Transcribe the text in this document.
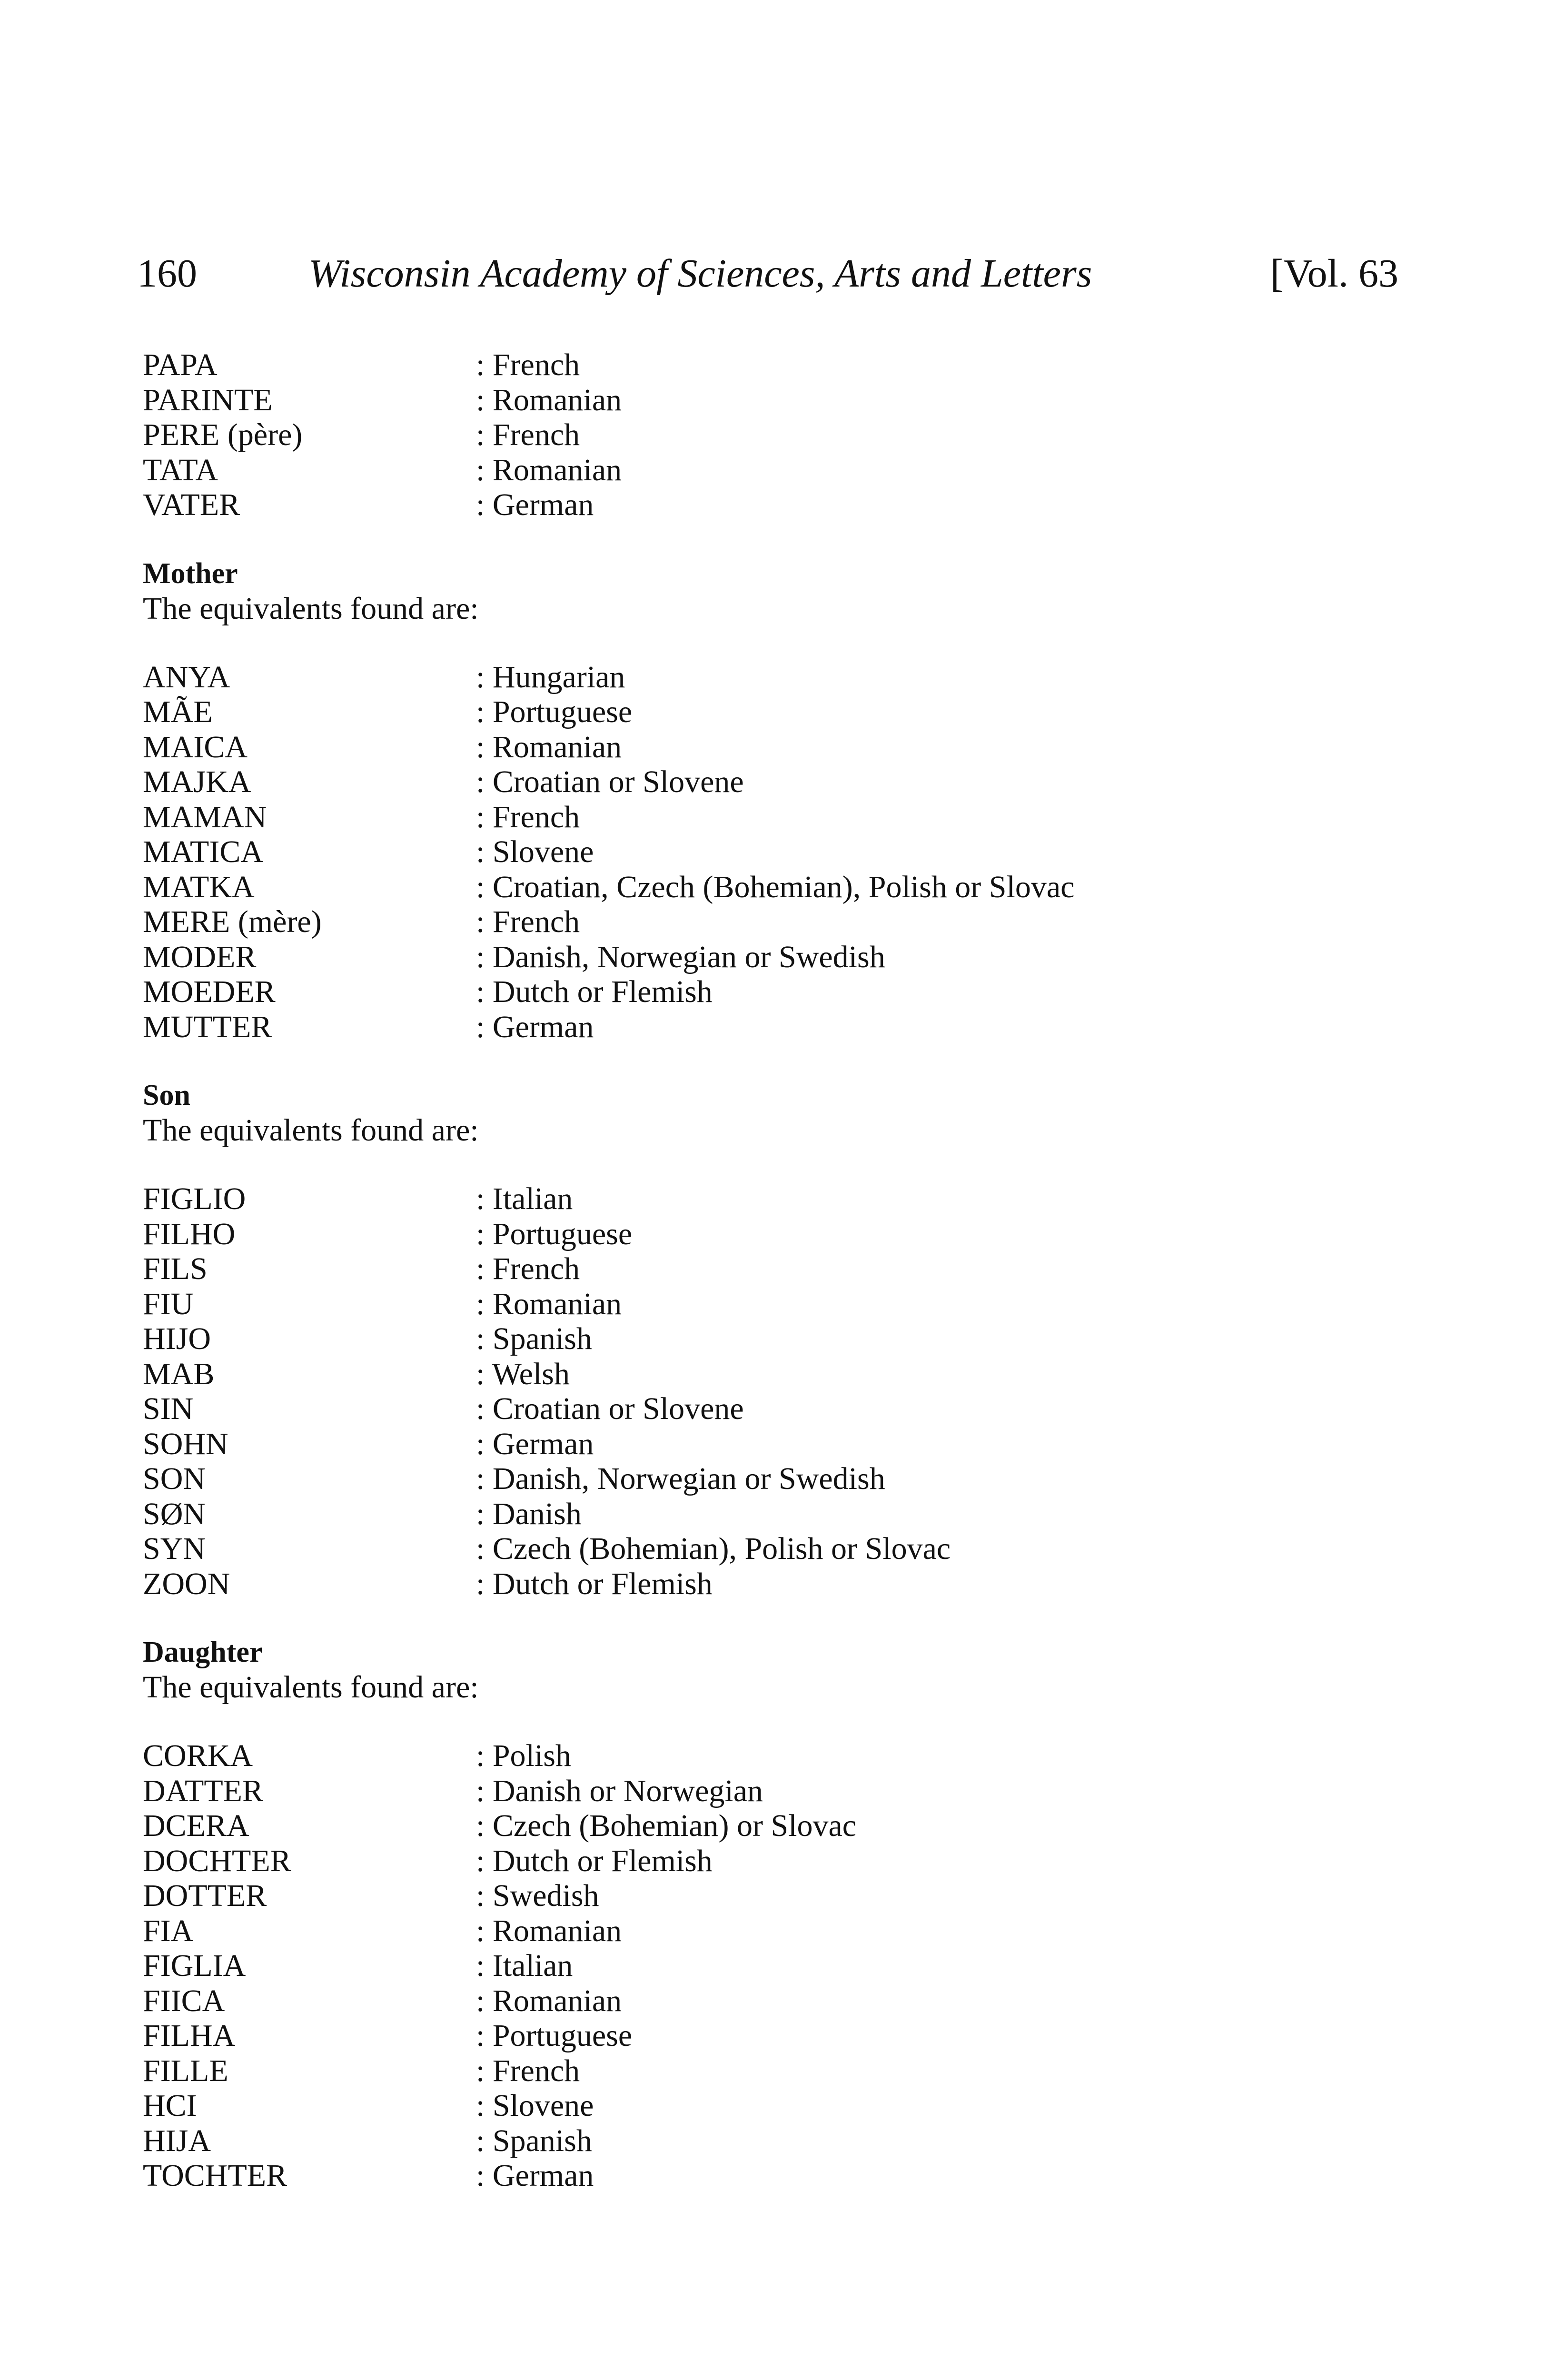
160	Wisconsin Academy of Sciences, Arts and Letters	[Vol. 63
PAPA	: French
PARINTE	: Romanian
PERE (père)	: French
TATA	: Romanian
VATER	: German
Mother
The equivalents found are:
ANYA	: Hungarian
MÃE	: Portuguese
MAICA	: Romanian
MAJKA	: Croatian or Slovene
MAMAN	: French
MATICA	: Slovene
MATKA	: Croatian, Czech (Bohemian), Polish or Slovac
MERE (mère)	: French
MODER	: Danish, Norwegian or Swedish
MOEDER	: Dutch or Flemish
MUTTER	: German
Son
The equivalents found are:
FIGLIO	: Italian
FILHO	: Portuguese
FILS	: French
FIU	: Romanian
HIJO	: Spanish
MAB	: Welsh
SIN	: Croatian or Slovene
SOHN	: German
SON	: Danish, Norwegian or Swedish
SØN	: Danish
SYN	: Czech (Bohemian), Polish or Slovac
ZOON	: Dutch or Flemish
Daughter
The equivalents found are:
CORKA	: Polish
DATTER	: Danish or Norwegian
DCERA	: Czech (Bohemian) or Slovac
DOCHTER	: Dutch or Flemish
DOTTER	: Swedish
FIA	: Romanian
FIGLIA	: Italian
FIICA	: Romanian
FILHA	: Portuguese
FILLE	: French
HCI	: Slovene
HIJA	: Spanish
TOCHTER	: German
